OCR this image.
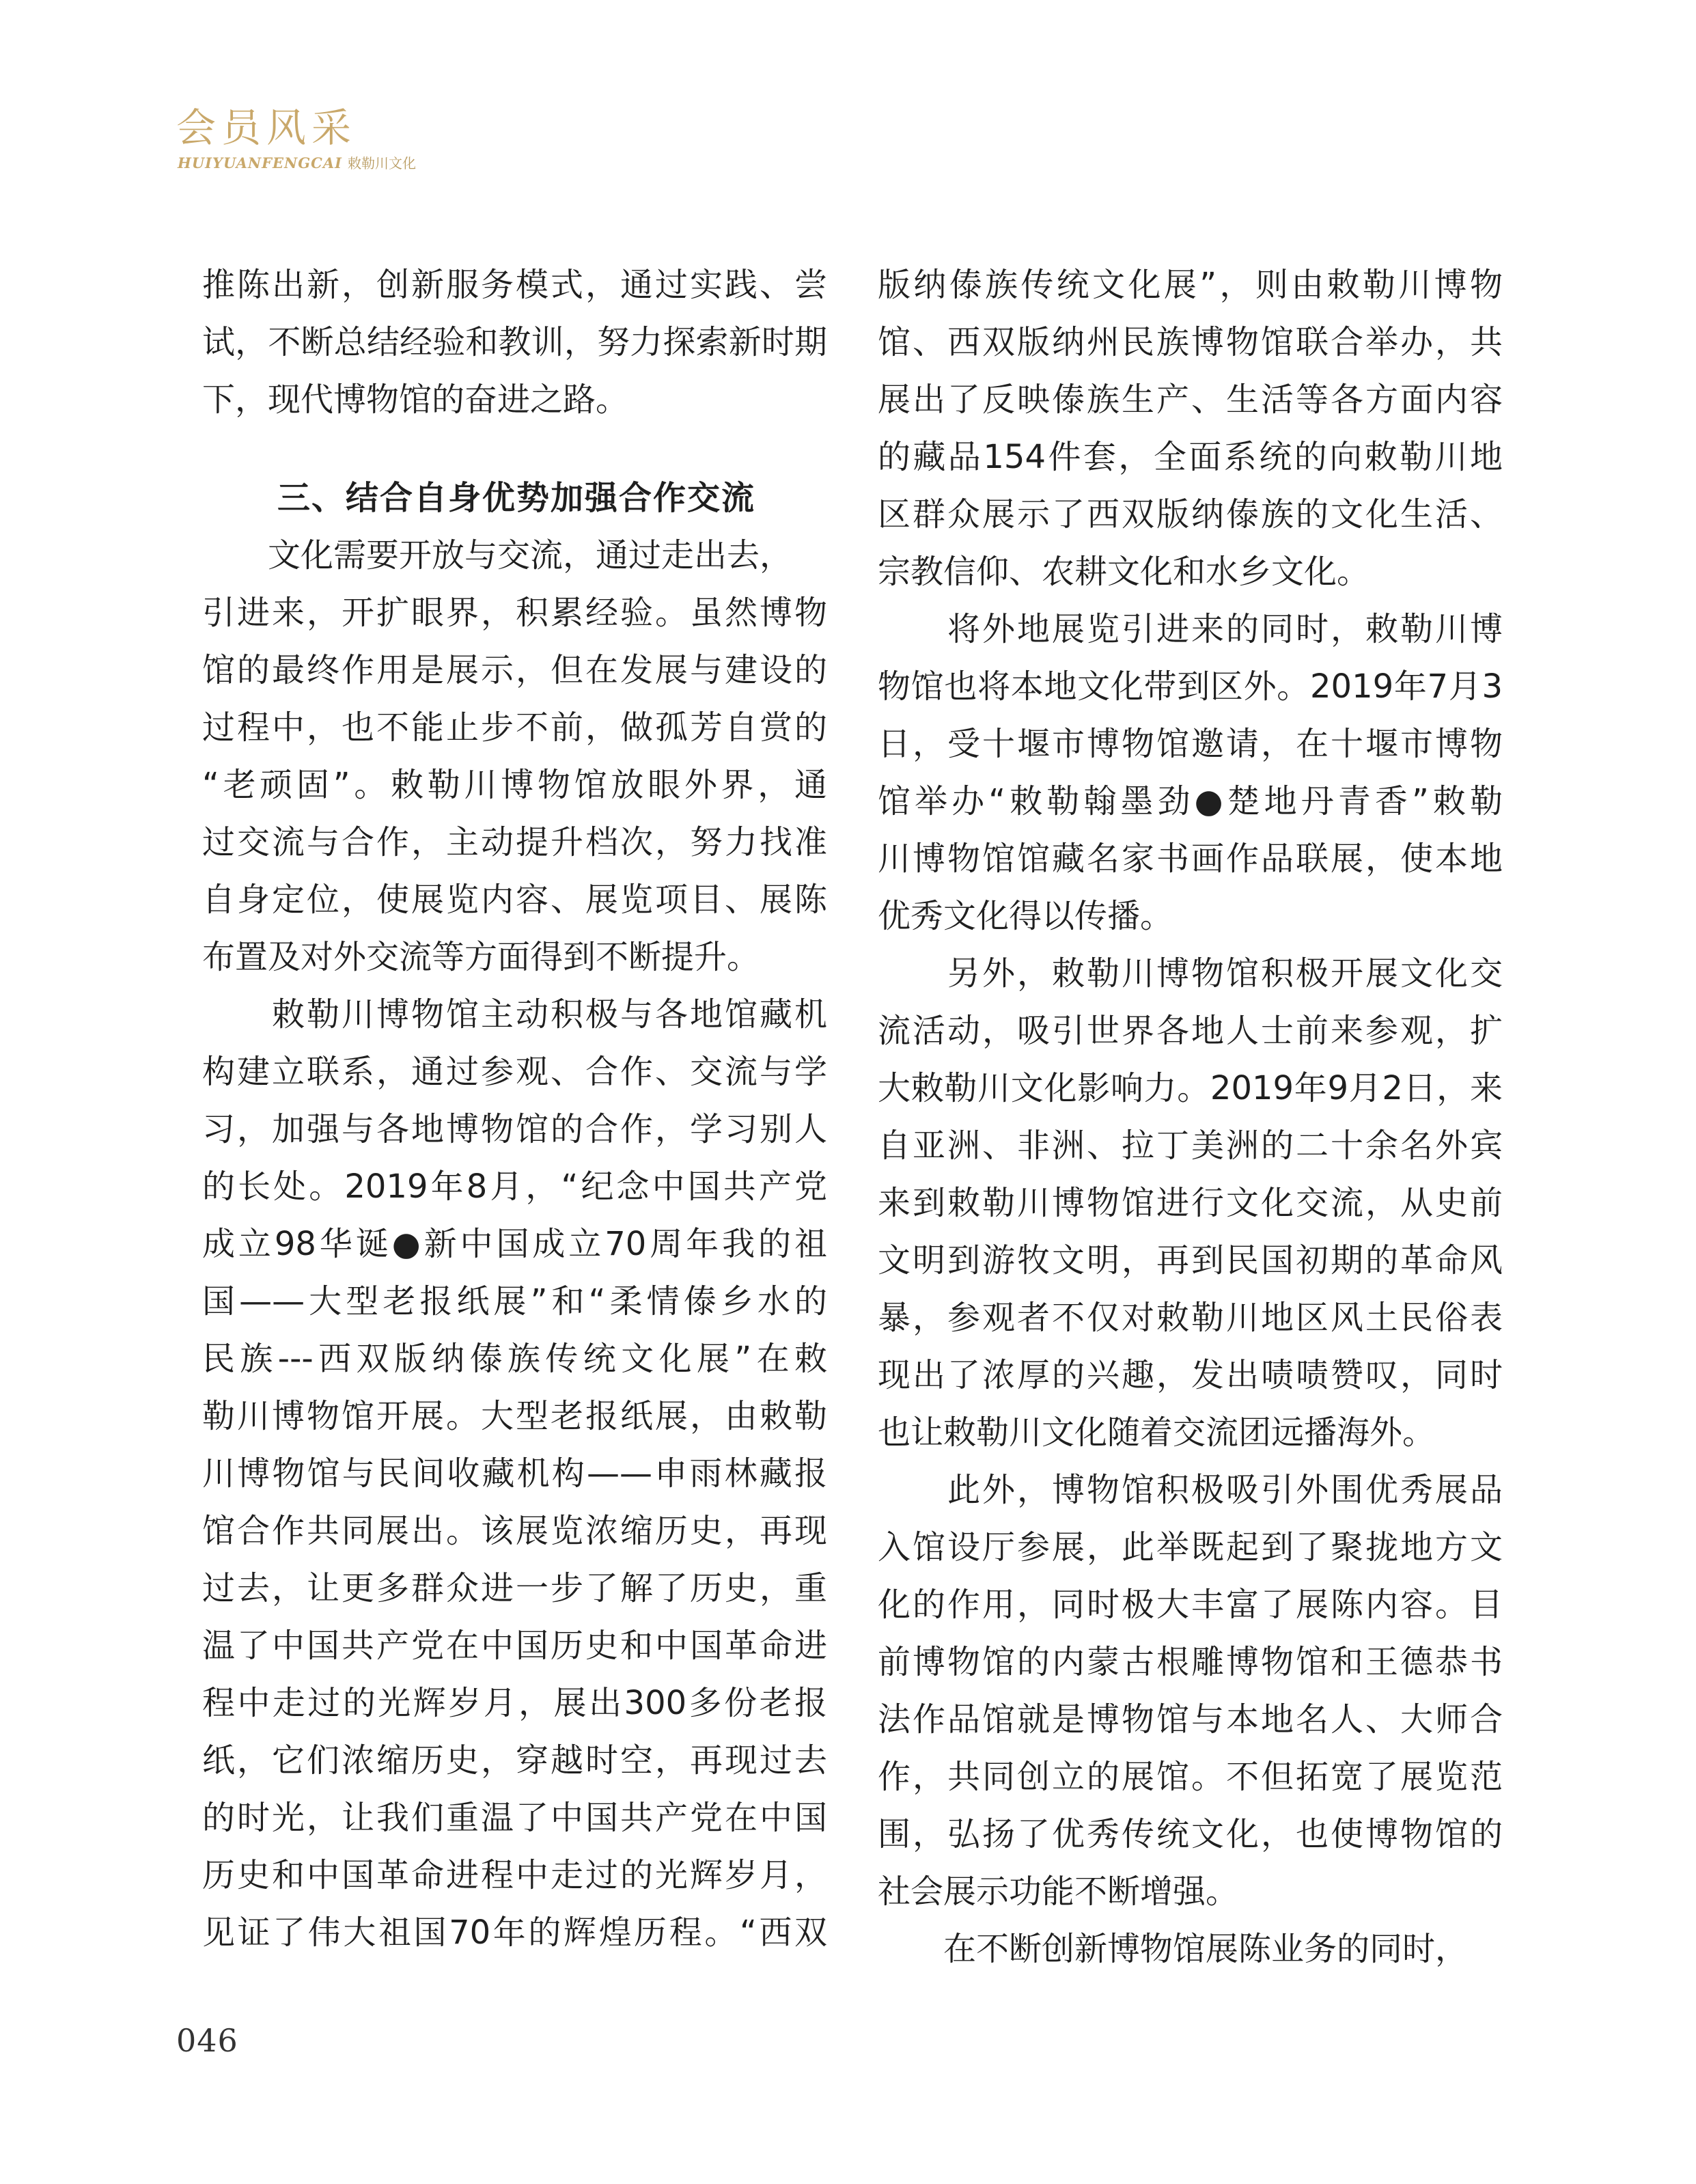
会员风采
HUIYUANFENGCAI 敕勒川文化
推陈出新，创新服务模式，通过实践、尝
试，不断总结经验和教训，努力探索新时期
下，现代博物馆的奋进之路。
三、结合自身优势加强合作交流
　　文化需要开放与交流，通过走出去，
引进来，开扩眼界，积累经验。虽然博物
馆的最终作用是展示，但在发展与建设的
过程中，也不能止步不前，做孤芳自赏的
“老顽固”。敕勒川博物馆放眼外界，通
过交流与合作，主动提升档次，努力找准
自身定位，使展览内容、展览项目、展陈
布置及对外交流等方面得到不断提升。
　　敕勒川博物馆主动积极与各地馆藏机
构建立联系，通过参观、合作、交流与学
习，加强与各地博物馆的合作，学习别人
的长处。2019年8月，“纪念中国共产党
成立98华诞●新中国成立70周年我的祖
国——大型老报纸展”和“柔情傣乡水的
民族---西双版纳傣族传统文化展”在敕
勒川博物馆开展。大型老报纸展，由敕勒
川博物馆与民间收藏机构——申雨林藏报
馆合作共同展出。该展览浓缩历史，再现
过去，让更多群众进一步了解了历史，重
温了中国共产党在中国历史和中国革命进
程中走过的光辉岁月，展出300多份老报
纸，它们浓缩历史，穿越时空，再现过去
的时光，让我们重温了中国共产党在中国
历史和中国革命进程中走过的光辉岁月，
见证了伟大祖国70年的辉煌历程。“西双
版纳傣族传统文化展”，则由敕勒川博物
馆、西双版纳州民族博物馆联合举办，共
展出了反映傣族生产、生活等各方面内容
的藏品154件套，全面系统的向敕勒川地
区群众展示了西双版纳傣族的文化生活、
宗教信仰、农耕文化和水乡文化。
　　将外地展览引进来的同时，敕勒川博
物馆也将本地文化带到区外。2019年7月3
日，受十堰市博物馆邀请，在十堰市博物
馆举办“敕勒翰墨劲●楚地丹青香”敕勒
川博物馆馆藏名家书画作品联展，使本地
优秀文化得以传播。
　　另外，敕勒川博物馆积极开展文化交
流活动，吸引世界各地人士前来参观，扩
大敕勒川文化影响力。2019年9月2日，来
自亚洲、非洲、拉丁美洲的二十余名外宾
来到敕勒川博物馆进行文化交流，从史前
文明到游牧文明，再到民国初期的革命风
暴，参观者不仅对敕勒川地区风土民俗表
现出了浓厚的兴趣，发出啧啧赞叹，同时
也让敕勒川文化随着交流团远播海外。
　　此外，博物馆积极吸引外围优秀展品
入馆设厅参展，此举既起到了聚拢地方文
化的作用，同时极大丰富了展陈内容。目
前博物馆的内蒙古根雕博物馆和王德恭书
法作品馆就是博物馆与本地名人、大师合
作，共同创立的展馆。不但拓宽了展览范
围，弘扬了优秀传统文化，也使博物馆的
社会展示功能不断增强。
　　在不断创新博物馆展陈业务的同时，
046
